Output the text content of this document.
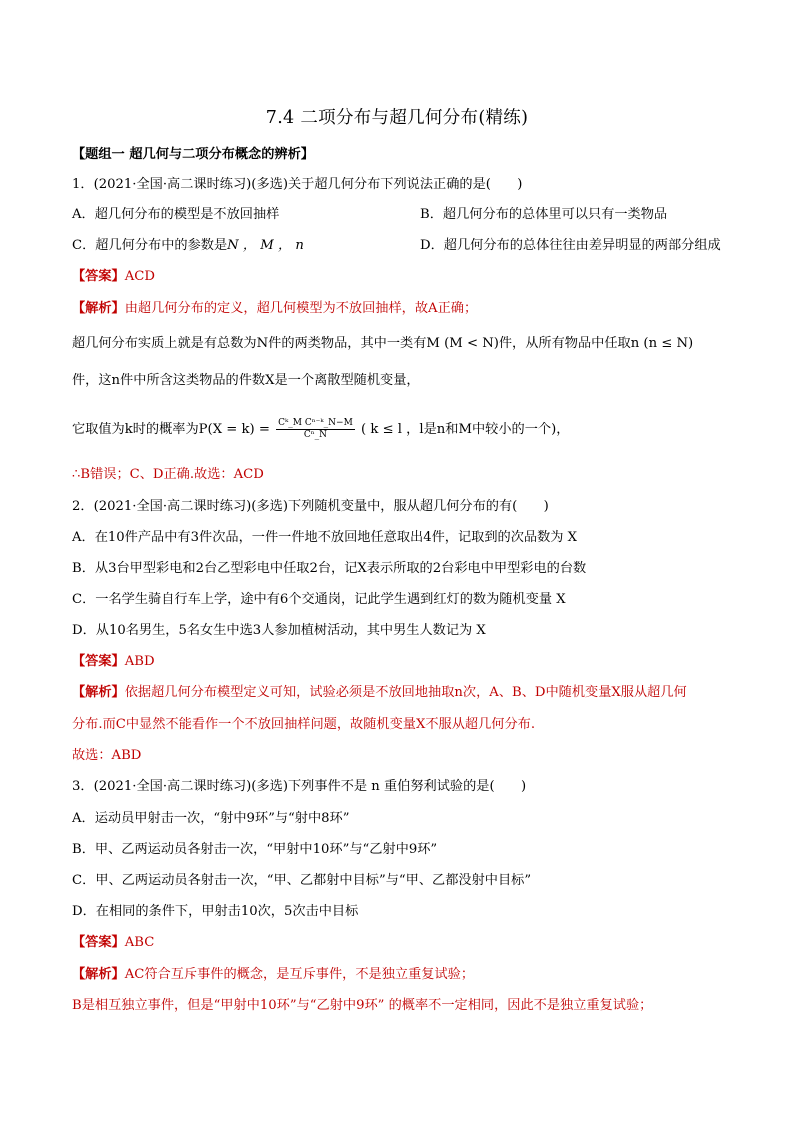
7.4 二项分布与超几何分布(精练)
【题组一 超几何与二项分布概念的辨析】
1．(2021·全国·高二课时练习)(多选)关于超几何分布下列说法正确的是(　　)
A．超几何分布的模型是不放回抽样	B．超几何分布的总体里可以只有一类物品
C．超几何分布中的参数是N ， M ， n	D．超几何分布的总体往往由差异明显的两部分组成
【答案】ACD
【解析】由超几何分布的定义，超几何模型为不放回抽样，故A正确；
超几何分布实质上就是有总数为N件的两类物品，其中一类有M (M < N)件，从所有物品中任取n (n ≤ N)
件，这n件中所含这类物品的件数X是一个离散型随机变量，
它取值为k时的概率为$P(X = k) = \frac{\text{Cᵏ\_M Cⁿ⁻ᵏ\_N−M}}{\text{Cⁿ\_N}}$ ( k ≤ l ，l是n和M中较小的一个)，
∴B错误；C、D正确.故选：ACD
2．(2021·全国·高二课时练习)(多选)下列随机变量中，服从超几何分布的有(　　)
A．在10件产品中有3件次品，一件一件地不放回地任意取出4件，记取到的次品数为 X
B．从3台甲型彩电和2台乙型彩电中任取2台，记X表示所取的2台彩电中甲型彩电的台数
C．一名学生骑自行车上学，途中有6个交通岗，记此学生遇到红灯的数为随机变量 X
D．从10名男生，5名女生中选3人参加植树活动，其中男生人数记为 X
【答案】ABD
【解析】依据超几何分布模型定义可知，试验必须是不放回地抽取n次，A、B、D中随机变量X服从超几何
分布.而C中显然不能看作一个不放回抽样问题，故随机变量X不服从超几何分布.
故选：ABD
3．(2021·全国·高二课时练习)(多选)下列事件不是 n 重伯努利试验的是(　　)
A．运动员甲射击一次，“射中9环”与“射中8环”
B．甲、乙两运动员各射击一次，“甲射中10环”与“乙射中9环”
C．甲、乙两运动员各射击一次，“甲、乙都射中目标”与“甲、乙都没射中目标”
D．在相同的条件下，甲射击10次，5次击中目标
【答案】ABC
【解析】AC符合互斥事件的概念，是互斥事件，不是独立重复试验；
B是相互独立事件，但是“甲射中10环”与“乙射中9环” 的概率不一定相同，因此不是独立重复试验；
